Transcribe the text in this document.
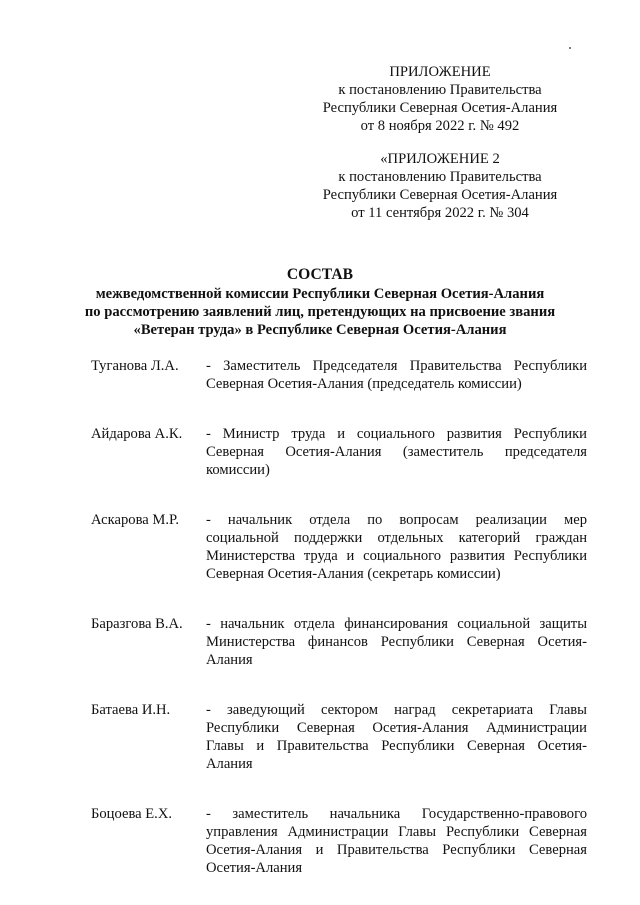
ПРИЛОЖЕНИЕ
к постановлению Правительства
Республики Северная Осетия-Алания
от 8 ноября 2022 г. № 492
«ПРИЛОЖЕНИЕ 2
к постановлению Правительства
Республики Северная Осетия-Алания
от 11 сентября 2022 г. № 304
СОСТАВ
межведомственной комиссии Республики Северная Осетия-Алания
по рассмотрению заявлений лиц, претендующих на присвоение звания
«Ветеран труда» в Республике Северная Осетия-Алания
Туганова Л.А.	- Заместитель Председателя Правительства Республики
Северная Осетия-Алания (председатель комиссии)
Айдарова А.К.	- Министр труда и социального развития Республики
Северная Осетия-Алания (заместитель председателя
комиссии)
Аскарова М.Р.	- начальник отдела по вопросам реализации мер
социальной поддержки отдельных категорий граждан
Министерства труда и социального развития Республики
Северная Осетия-Алания (секретарь комиссии)
Баразгова В.А.	- начальник отдела финансирования социальной защиты
Министерства финансов Республики Северная Осетия-
Алания
Батаева И.Н.	- заведующий сектором наград секретариата Главы
Республики Северная Осетия-Алания Администрации
Главы и Правительства Республики Северная Осетия-
Алания
Боцоева Е.Х.	- заместитель начальника Государственно-правового
управления Администрации Главы Республики Северная
Осетия-Алания и Правительства Республики Северная
Осетия-Алания
